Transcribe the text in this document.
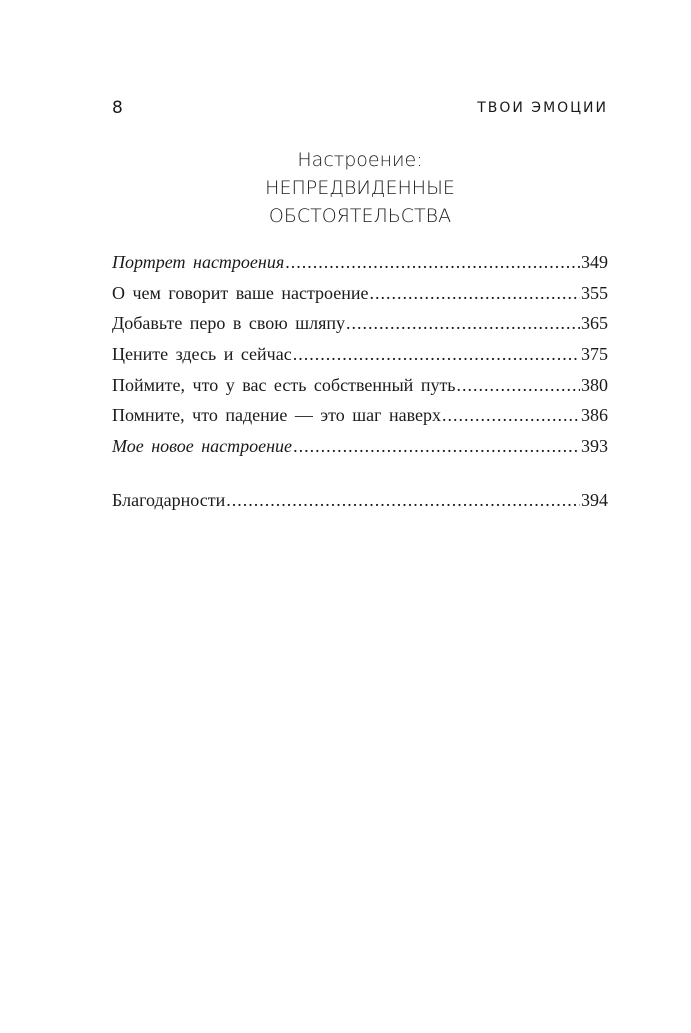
8	ТВОИ ЭМОЦИИ
Настроение:
НЕПРЕДВИДЕННЫЕ
ОБСТОЯТЕЛЬСТВА
Портрет настроения .....	349
О чем говорит ваше настроение .....	355
Добавьте перо в свою шляпу .....	365
Цените здесь и сейчас .....	375
Поймите, что у вас есть собственный путь .....	380
Помните, что падение — это шаг наверх .....	386
Мое новое настроение .....	393
Благодарности .....	394
